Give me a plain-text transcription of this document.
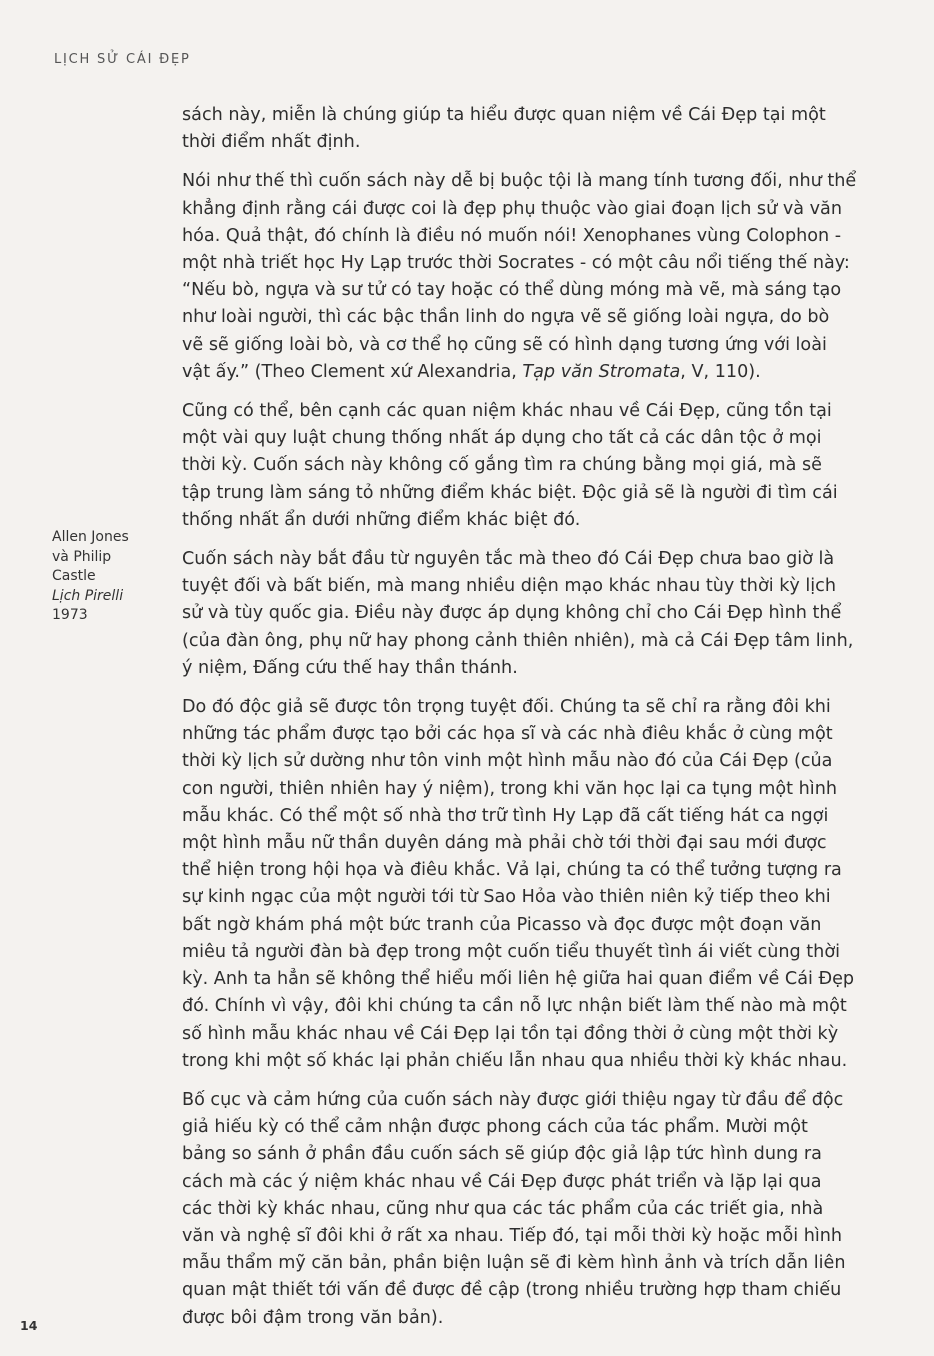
LỊCH SỬ CÁI ĐẸP
Allen Jones
và Philip
Castle
Lịch Pirelli
1973

sách này, miễn là chúng giúp ta hiểu được quan niệm về Cái Đẹp tại một
thời điểm nhất định.

Nói như thế thì cuốn sách này dễ bị buộc tội là mang tính tương đối, như thể
khẳng định rằng cái được coi là đẹp phụ thuộc vào giai đoạn lịch sử và văn
hóa. Quả thật, đó chính là điều nó muốn nói! Xenophanes vùng Colophon -
một nhà triết học Hy Lạp trước thời Socrates - có một câu nổi tiếng thế này:
“Nếu bò, ngựa và sư tử có tay hoặc có thể dùng móng mà vẽ, mà sáng tạo
như loài người, thì các bậc thần linh do ngựa vẽ sẽ giống loài ngựa, do bò
vẽ sẽ giống loài bò, và cơ thể họ cũng sẽ có hình dạng tương ứng với loài
vật ấy.” (Theo Clement xứ Alexandria, Tạp văn Stromata, V, 110).

Cũng có thể, bên cạnh các quan niệm khác nhau về Cái Đẹp, cũng tồn tại
một vài quy luật chung thống nhất áp dụng cho tất cả các dân tộc ở mọi
thời kỳ. Cuốn sách này không cố gắng tìm ra chúng bằng mọi giá, mà sẽ
tập trung làm sáng tỏ những điểm khác biệt. Độc giả sẽ là người đi tìm cái
thống nhất ẩn dưới những điểm khác biệt đó.

Cuốn sách này bắt đầu từ nguyên tắc mà theo đó Cái Đẹp chưa bao giờ là
tuyệt đối và bất biến, mà mang nhiều diện mạo khác nhau tùy thời kỳ lịch
sử và tùy quốc gia. Điều này được áp dụng không chỉ cho Cái Đẹp hình thể
(của đàn ông, phụ nữ hay phong cảnh thiên nhiên), mà cả Cái Đẹp tâm linh,
ý niệm, Đấng cứu thế hay thần thánh.

Do đó độc giả sẽ được tôn trọng tuyệt đối. Chúng ta sẽ chỉ ra rằng đôi khi
những tác phẩm được tạo bởi các họa sĩ và các nhà điêu khắc ở cùng một
thời kỳ lịch sử dường như tôn vinh một hình mẫu nào đó của Cái Đẹp (của
con người, thiên nhiên hay ý niệm), trong khi văn học lại ca tụng một hình
mẫu khác. Có thể một số nhà thơ trữ tình Hy Lạp đã cất tiếng hát ca ngợi
một hình mẫu nữ thần duyên dáng mà phải chờ tới thời đại sau mới được
thể hiện trong hội họa và điêu khắc. Vả lại, chúng ta có thể tưởng tượng ra
sự kinh ngạc của một người tới từ Sao Hỏa vào thiên niên kỷ tiếp theo khi
bất ngờ khám phá một bức tranh của Picasso và đọc được một đoạn văn
miêu tả người đàn bà đẹp trong một cuốn tiểu thuyết tình ái viết cùng thời
kỳ. Anh ta hẳn sẽ không thể hiểu mối liên hệ giữa hai quan điểm về Cái Đẹp
đó. Chính vì vậy, đôi khi chúng ta cần nỗ lực nhận biết làm thế nào mà một
số hình mẫu khác nhau về Cái Đẹp lại tồn tại đồng thời ở cùng một thời kỳ
trong khi một số khác lại phản chiếu lẫn nhau qua nhiều thời kỳ khác nhau.

Bố cục và cảm hứng của cuốn sách này được giới thiệu ngay từ đầu để độc
giả hiếu kỳ có thể cảm nhận được phong cách của tác phẩm. Mười một
bảng so sánh ở phần đầu cuốn sách sẽ giúp độc giả lập tức hình dung ra
cách mà các ý niệm khác nhau về Cái Đẹp được phát triển và lặp lại qua
các thời kỳ khác nhau, cũng như qua các tác phẩm của các triết gia, nhà
văn và nghệ sĩ đôi khi ở rất xa nhau. Tiếp đó, tại mỗi thời kỳ hoặc mỗi hình
mẫu thẩm mỹ căn bản, phần biện luận sẽ đi kèm hình ảnh và trích dẫn liên
quan mật thiết tới vấn đề được đề cập (trong nhiều trường hợp tham chiếu
được bôi đậm trong văn bản).

14
